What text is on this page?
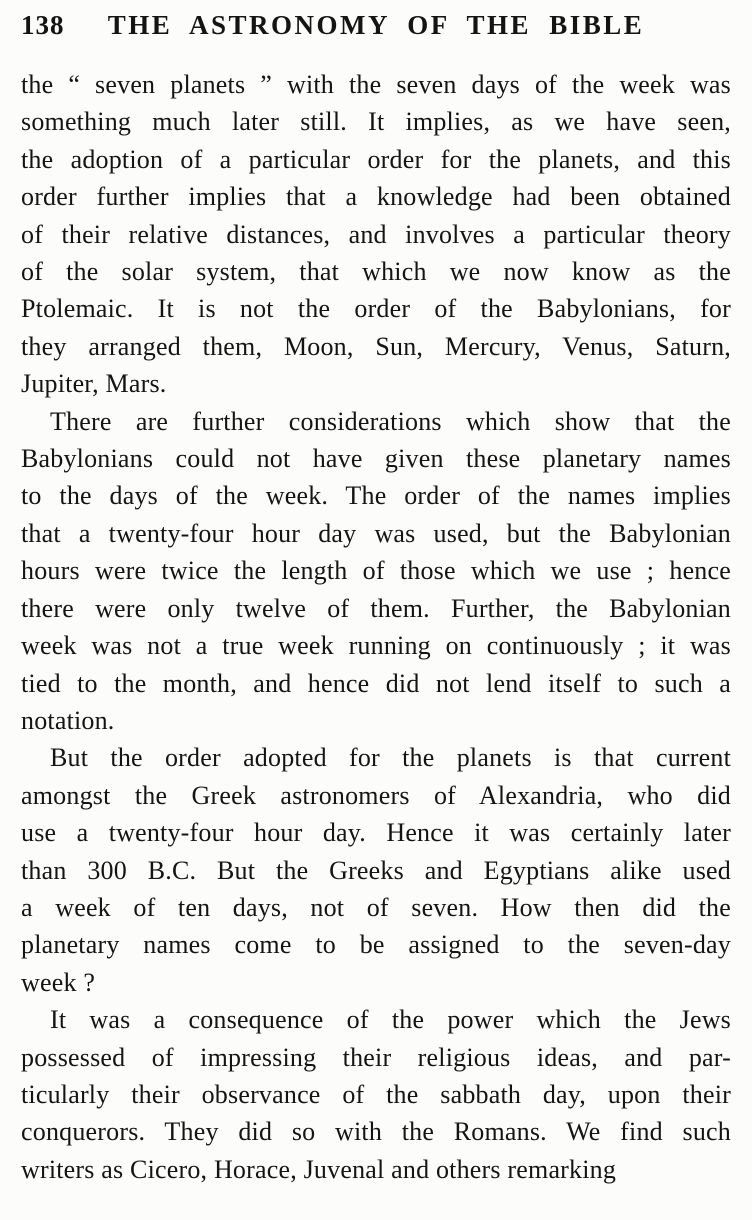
138	THE ASTRONOMY OF THE BIBLE

the “ seven planets ” with the seven days of the week was
something much later still. It implies, as we have seen,
the adoption of a particular order for the planets, and this
order further implies that a knowledge had been obtained
of their relative distances, and involves a particular theory
of the solar system, that which we now know as the
Ptolemaic. It is not the order of the Babylonians, for
they arranged them, Moon, Sun, Mercury, Venus, Saturn,
Jupiter, Mars.

There are further considerations which show that the
Babylonians could not have given these planetary names
to the days of the week. The order of the names implies
that a twenty-four hour day was used, but the Babylonian
hours were twice the length of those which we use ; hence
there were only twelve of them. Further, the Babylonian
week was not a true week running on continuously ; it was
tied to the month, and hence did not lend itself to such a
notation.

But the order adopted for the planets is that current
amongst the Greek astronomers of Alexandria, who did
use a twenty-four hour day. Hence it was certainly later
than 300 B.C. But the Greeks and Egyptians alike used
a week of ten days, not of seven. How then did the
planetary names come to be assigned to the seven-day
week ?

It was a consequence of the power which the Jews
possessed of impressing their religious ideas, and par-
ticularly their observance of the sabbath day, upon their
conquerors. They did so with the Romans. We find such
writers as Cicero, Horace, Juvenal and others remarking
